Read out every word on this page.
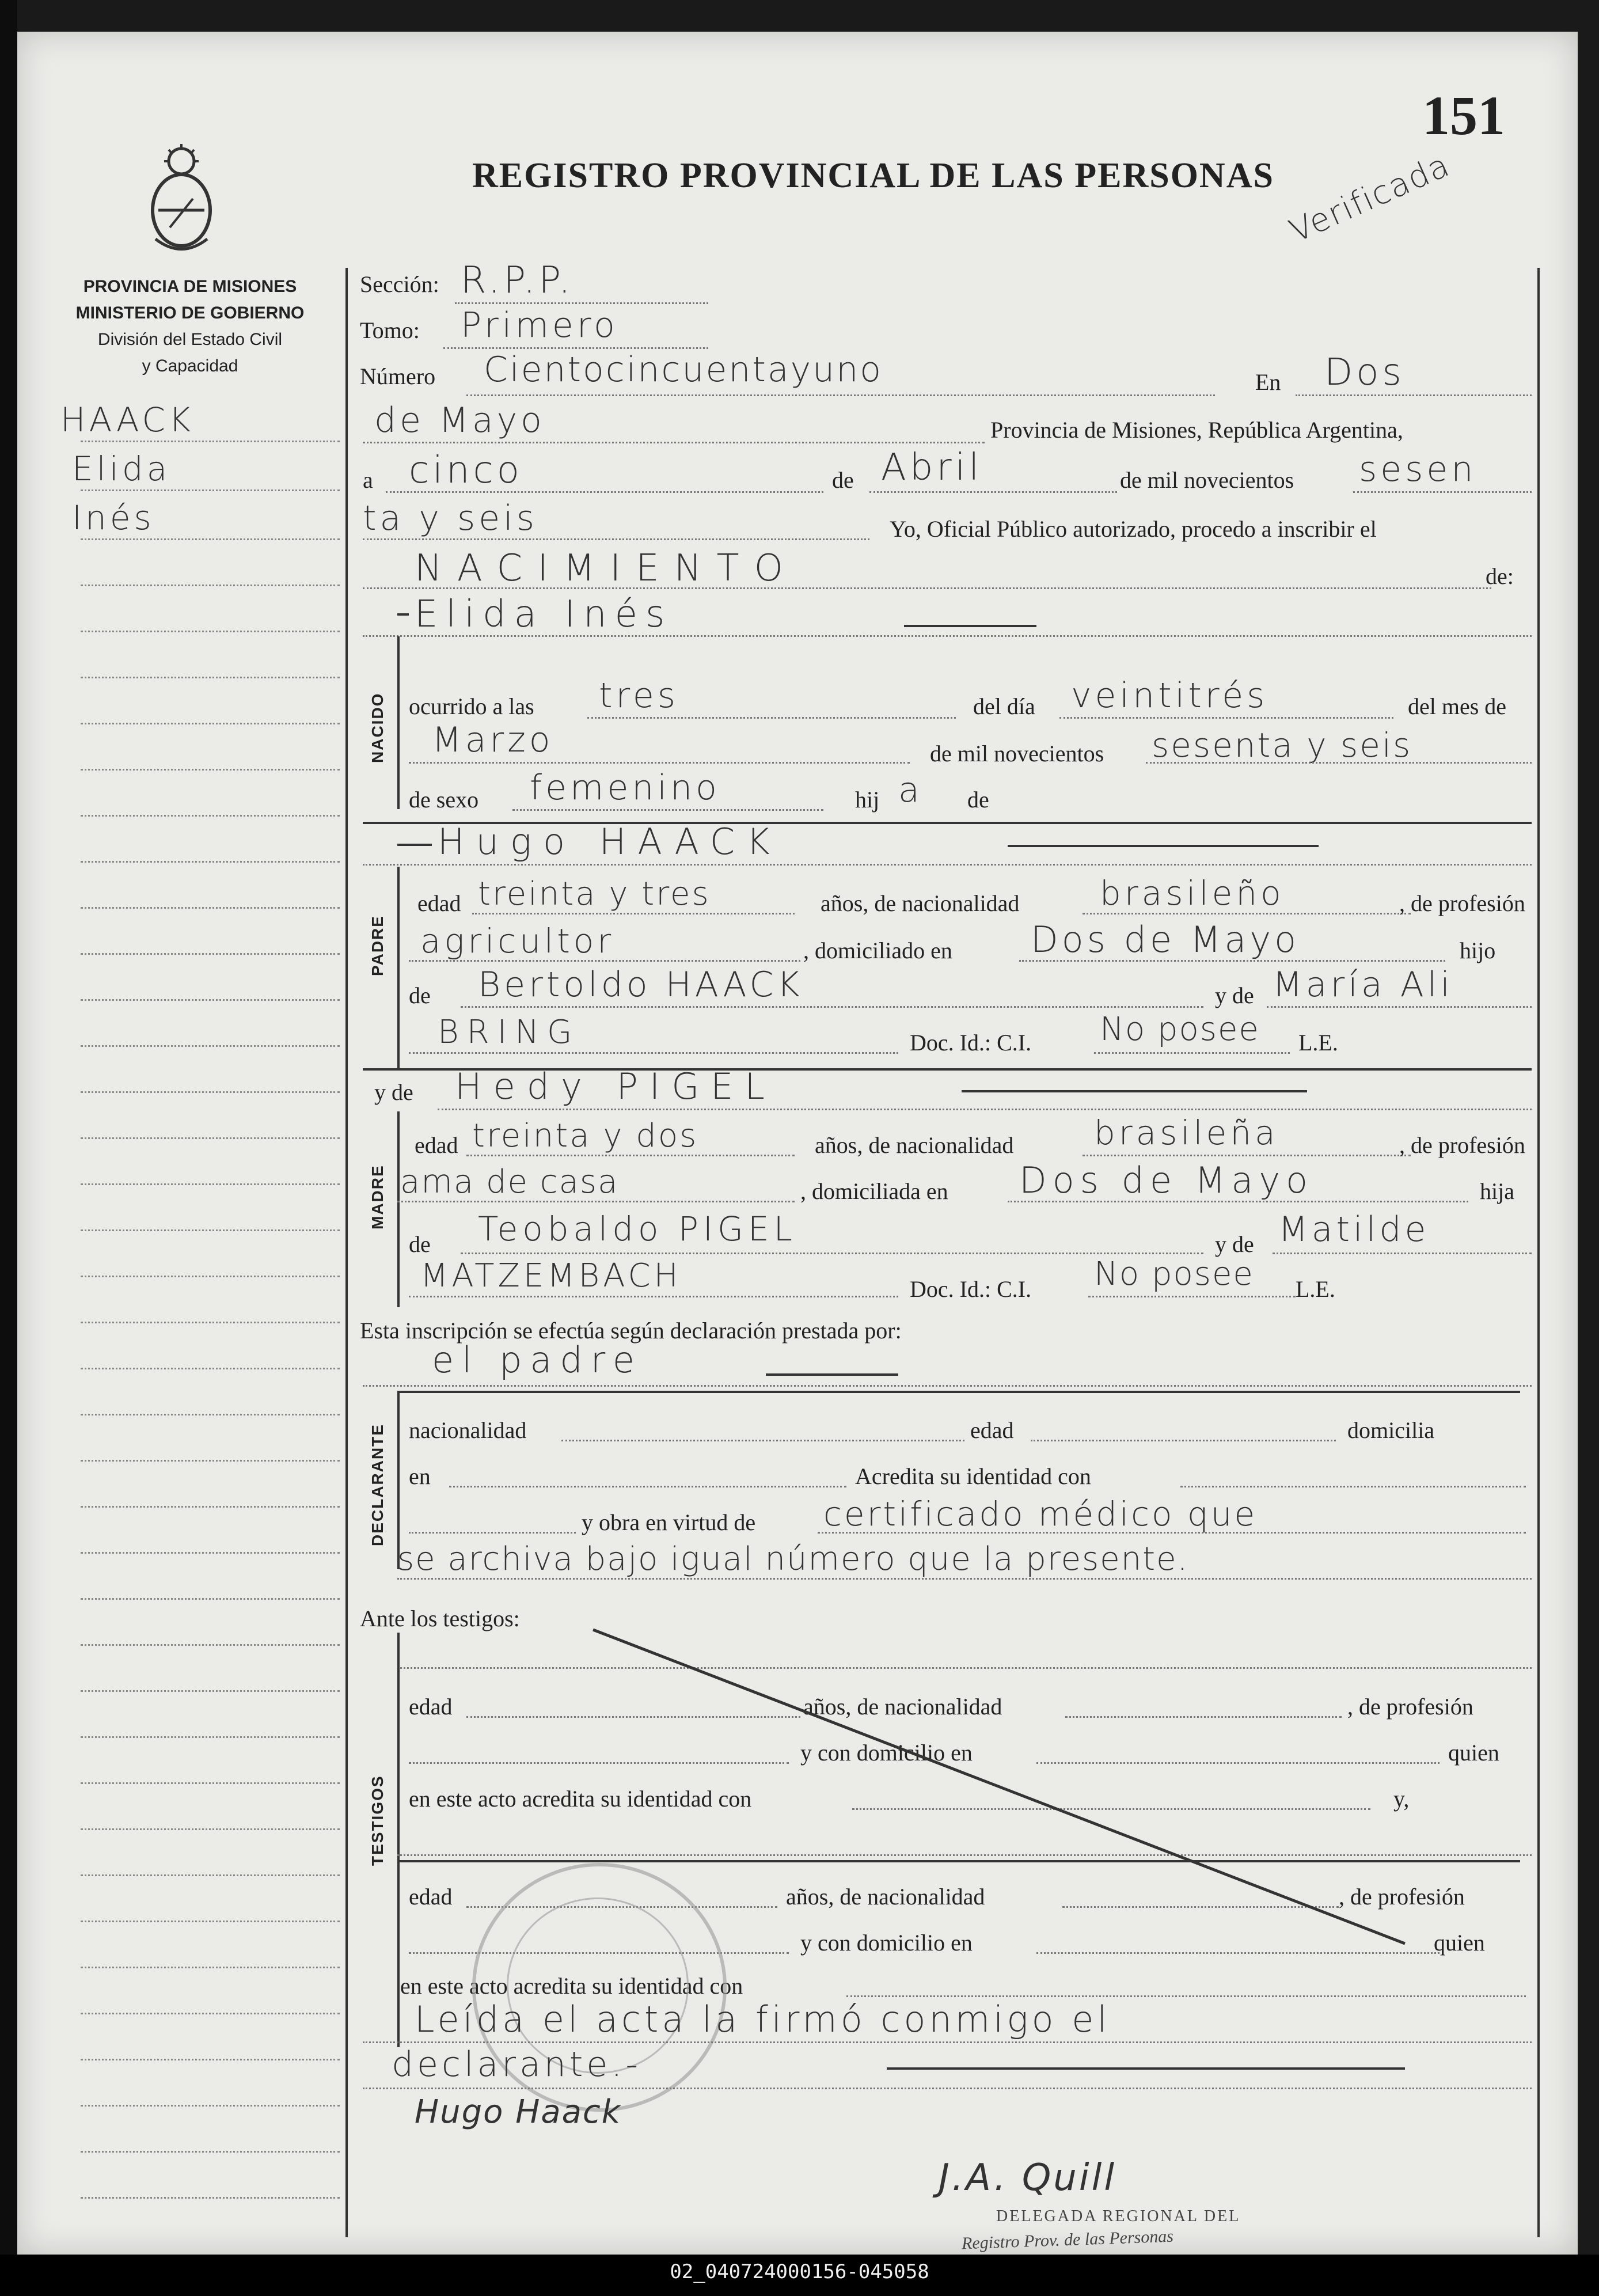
REGISTRO PROVINCIAL DE LAS PERSONAS
151
Verificada
PROVINCIA DE MISIONES
MINISTERIO DE GOBIERNO
División del Estado Civil
y Capacidad
HAACK
Elida
Inés
Sección: R.P.P.
Tomo: Primero
Número Cientocincuentayuno	En Dos
de Mayo	Provincia de Misiones, República Argentina,
a cinco	de Abril	de mil novecientos sesen
ta y seis	Yo, Oficial Público autorizado, procedo a inscribir el
NACIMIENTO	de:
Elida Inés
NACIDO ocurrido a las tres	del día veintitrés	del mes de
Marzo	de mil novecientos sesenta y seis
de sexo femenino	hij a de
Hugo HAACK
PADRE
edad treinta y tres	años, de nacionalidad brasileño	, de profesión
agricultor	, domiciliado en Dos de Mayo	hijo
de Bertoldo HAACK	y de María Ali
BRING	Doc. Id.: C.I. No posee L.E.
y de Hedy PIGEL
MADRE
edad treinta y dos	años, de nacionalidad brasileña	, de profesión
ama de casa	, domiciliada en Dos de Mayo	hija
de Teobaldo PIGEL	y de Matilde
MATZEMBACH	Doc. Id.: C.I. No posee L.E.
Esta inscripción se efectúa según declaración prestada por:
el padre
DECLARANTE nacionalidad	edad	domicilia
en	Acredita su identidad con
y obra en virtud de certificado médico que
se archiva bajo igual número que la presente.
Ante los testigos:
TESTIGOS
edad	años, de nacionalidad	, de profesión
y con domicilio en	quien
en este acto acredita su identidad con	y,
edad	años, de nacionalidad	, de profesión
y con domicilio en	quien
en este acto acredita su identidad con
Leída el acta la firmó conmigo el
declarante.-
Hugo Haack
J.A. Quill
DELEGADA REGIONAL DEL
Registro Prov. de las Personas
02_040724000156-045058
